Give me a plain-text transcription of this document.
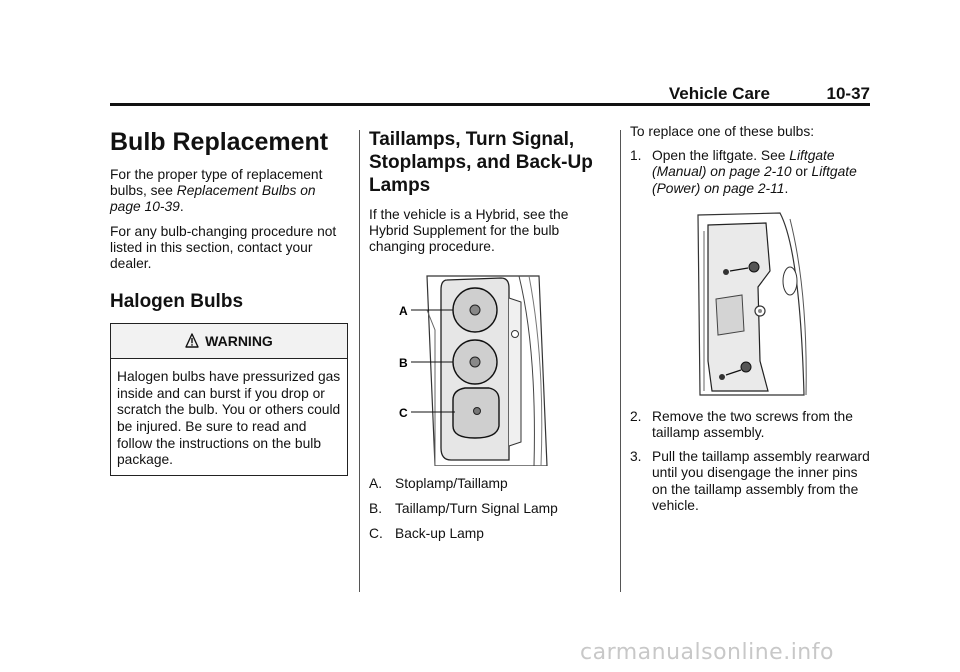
Vehicle Care	10-37
Bulb Replacement

For the proper type of replacement bulbs, see Replacement Bulbs on page 10-39.

For any bulb-changing procedure not listed in this section, contact your dealer.

Halogen Bulbs
WARNING
Halogen bulbs have pressurized gas inside and can burst if you drop or scratch the bulb. You or others could be injured. Be sure to read and follow the instructions on the bulb package.
Taillamps, Turn Signal, Stoplamps, and Back-Up Lamps

If the vehicle is a Hybrid, see the Hybrid Supplement for the bulb changing procedure.

A
B
C
A. Stoplamp/Taillamp
B. Taillamp/Turn Signal Lamp
C. Back-up Lamp

To replace one of these bulbs:

1. Open the liftgate. See Liftgate (Manual) on page 2-10 or Liftgate (Power) on page 2-11.
2. Remove the two screws from the taillamp assembly.
3. Pull the taillamp assembly rearward until you disengage the inner pins on the taillamp assembly from the vehicle.
carmanualsonline.info
